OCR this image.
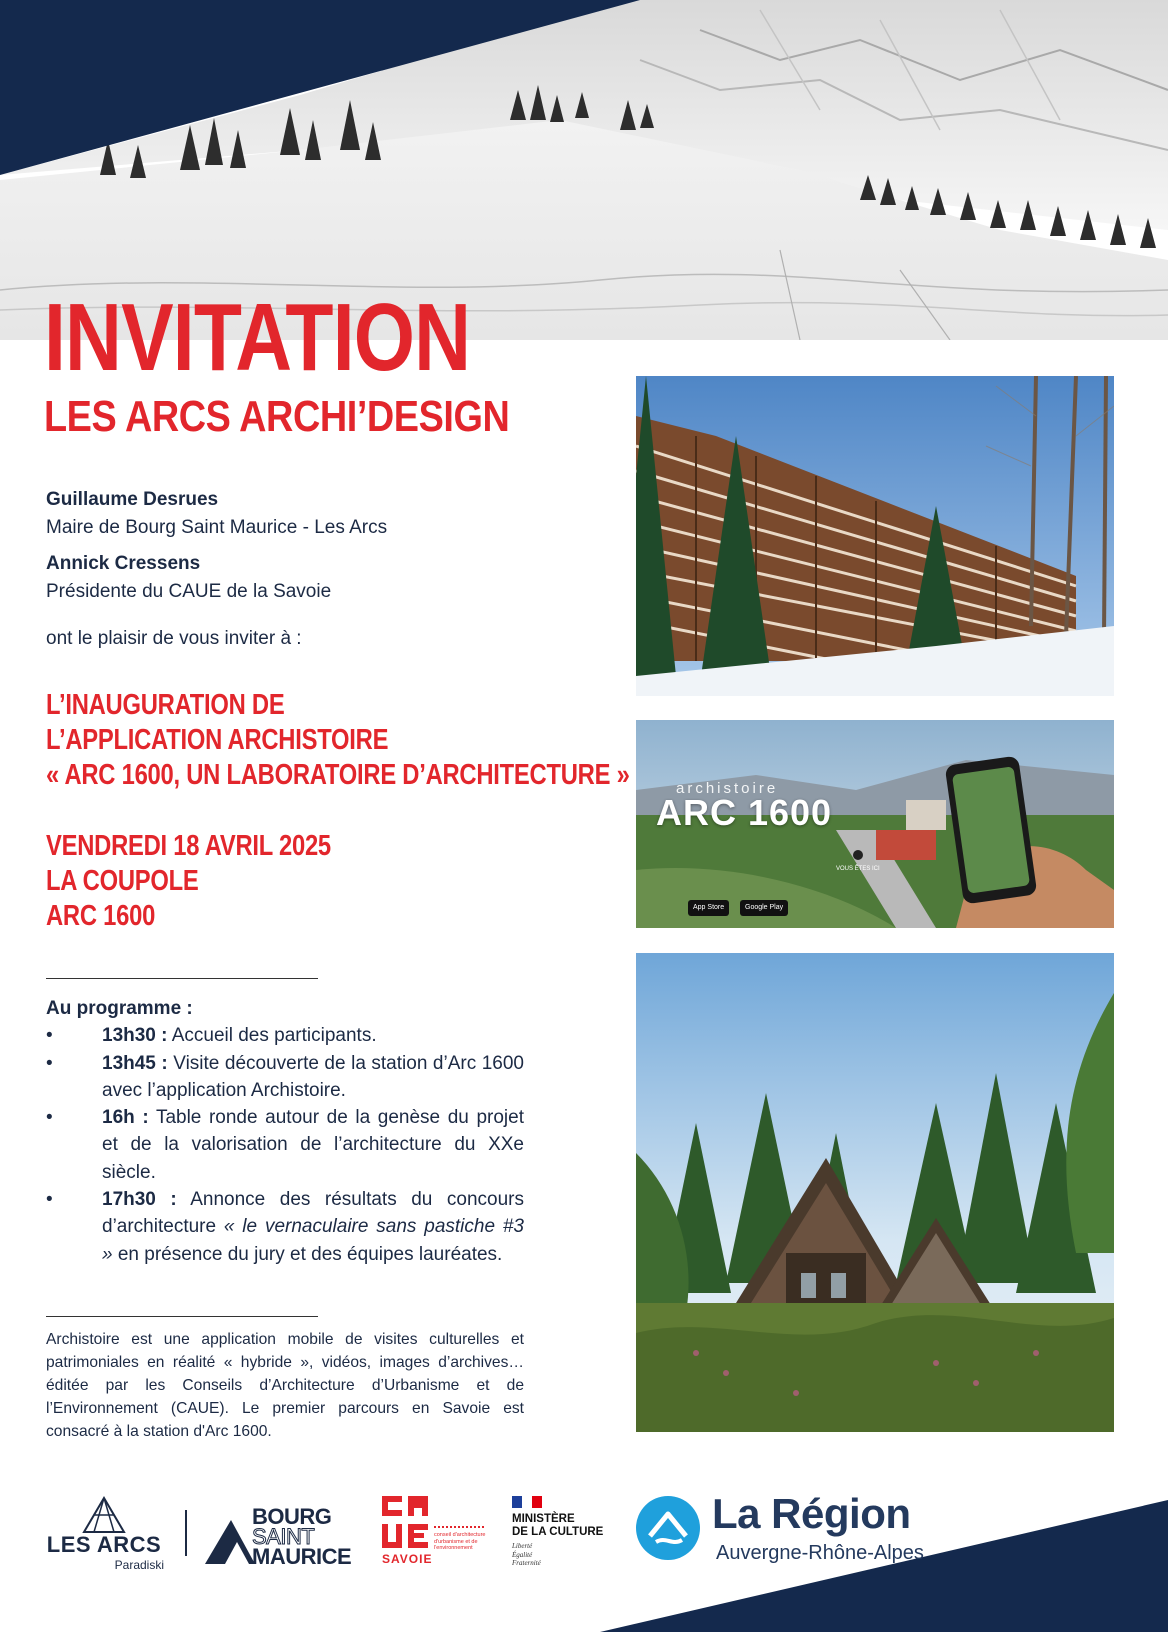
INVITATION
LES ARCS ARCHI’DESIGN
Guillaume Desrues
Maire de Bourg Saint Maurice - Les Arcs
Annick Cressens
Présidente du CAUE de la Savoie
ont le plaisir de vous inviter à :
L’INAUGURATION DE
L’APPLICATION ARCHISTOIRE
« ARC 1600, UN LABORATOIRE D’ARCHITECTURE »
VENDREDI 18 AVRIL 2025
LA COUPOLE
ARC 1600
Au programme :
•	13h30 : Accueil des participants.
•	13h45 : Visite découverte de la station d’Arc 1600 avec l’application Archistoire.
•	16h : Table ronde autour de la genèse du projet et de la valorisation de l’architecture du XXe siècle.
•	17h30 : Annonce des résultats du concours d’architecture « le vernaculaire sans pastiche #3 » en présence du jury et des équipes lauréates.
Archistoire est une application mobile de visites culturelles et patrimoniales en réalité « hybride », vidéos, images d’archives… éditée par les Conseils d’Architecture d’Urbanisme et de l’Environnement (CAUE). Le premier parcours en Savoie est consacré à la station d'Arc 1600.
archistoire
ARC 1600
VOUS ÊTES ICI
App Store	Google Play
LES ARCS
Paradiski
BOURG
SAINT
MAURICE
conseil d'architecture d'urbanisme et de l'environnement
SAVOIE
MINISTÈRE
DE LA CULTURE
Liberté
Égalité
Fraternité
La Région
Auvergne-Rhône-Alpes
